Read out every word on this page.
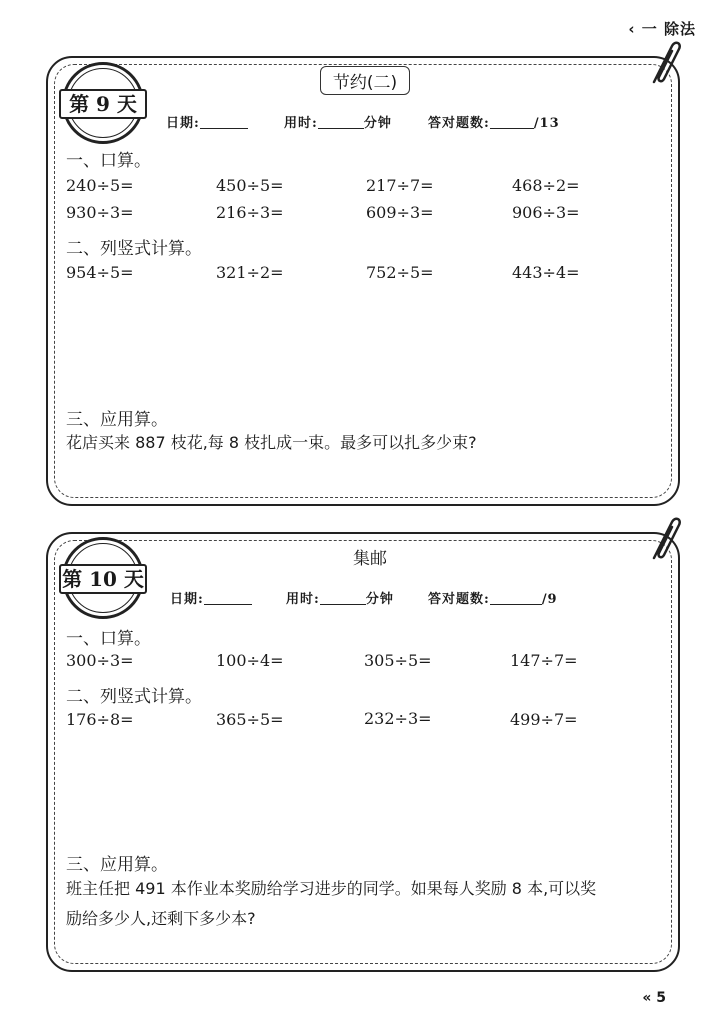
‹ 一 除法
第 9 天
节约(二)
日期:	用时:	分钟	答对题数:	/13
一、口算。
240÷5=	450÷5=	217÷7=	468÷2=
930÷3=	216÷3=	609÷3=	906÷3=
二、列竖式计算。
954÷5=	321÷2=	752÷5=	443÷4=
三、应用算。
花店买来 887 枝花,每 8 枝扎成一束。最多可以扎多少束?
第 10 天
集邮
日期:	用时:	分钟	答对题数:	/9
一、口算。
300÷3=	100÷4=	305÷5=	147÷7=
二、列竖式计算。
176÷8=	365÷5=	232÷3=	499÷7=
三、应用算。
班主任把 491 本作业本奖励给学习进步的同学。如果每人奖励 8 本,可以奖
励给多少人,还剩下多少本?
« 5
